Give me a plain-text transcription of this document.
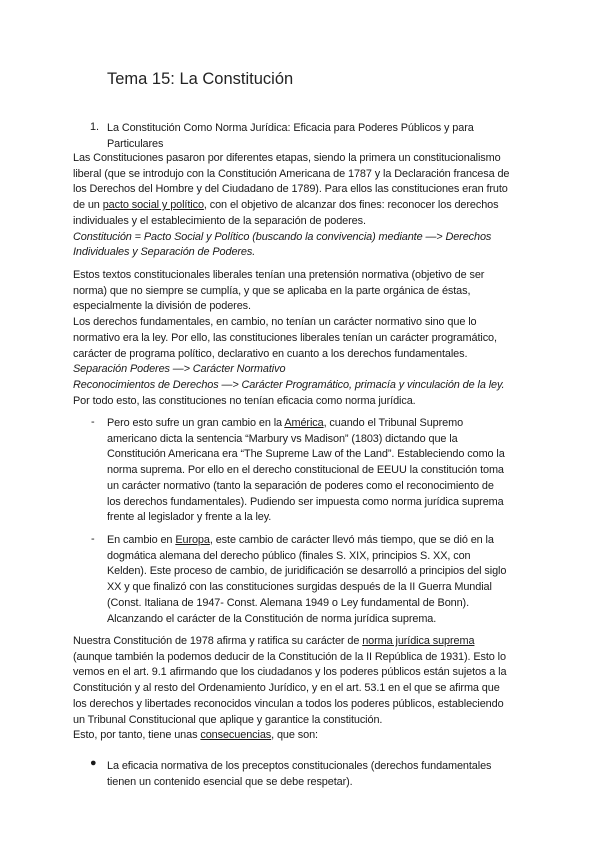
Tema 15: La Constitución
1. La Constitución Como Norma Jurídica: Eficacia para Poderes Públicos y para
Particulares
Las Constituciones pasaron por diferentes etapas, siendo la primera un constitucionalismo
liberal (que se introdujo con la Constitución Americana de 1787 y la Declaración francesa de
los Derechos del Hombre y del Ciudadano de 1789). Para ellos las constituciones eran fruto
de un pacto social y político, con el objetivo de alcanzar dos fines: reconocer los derechos
individuales y el establecimiento de la separación de poderes.
Constitución = Pacto Social y Político (buscando la convivencia) mediante —> Derechos
Individuales y Separación de Poderes.
Estos textos constitucionales liberales tenían una pretensión normativa (objetivo de ser
norma) que no siempre se cumplía, y que se aplicaba en la parte orgánica de éstas,
especialmente la división de poderes.
Los derechos fundamentales, en cambio, no tenían un carácter normativo sino que lo
normativo era la ley. Por ello, las constituciones liberales tenían un carácter programático,
carácter de programa político, declarativo en cuanto a los derechos fundamentales.
Separación Poderes —> Carácter Normativo
Reconocimientos de Derechos —> Carácter Programático, primacía y vinculación de la ley.
Por todo esto, las constituciones no tenían eficacia como norma jurídica.
- Pero esto sufre un gran cambio en la América, cuando el Tribunal Supremo
americano dicta la sentencia “Marbury vs Madison” (1803) dictando que la
Constitución Americana era “The Supreme Law of the Land”. Estableciendo como la
norma suprema. Por ello en el derecho constitucional de EEUU la constitución toma
un carácter normativo (tanto la separación de poderes como el reconocimiento de
los derechos fundamentales). Pudiendo ser impuesta como norma jurídica suprema
frente al legislador y frente a la ley.
- En cambio en Europa, este cambio de carácter llevó más tiempo, que se dió en la
dogmática alemana del derecho público (finales S. XIX, principios S. XX, con
Kelden). Este proceso de cambio, de juridificación se desarrolló a principios del siglo
XX y que finalizó con las constituciones surgidas después de la II Guerra Mundial
(Const. Italiana de 1947- Const. Alemana 1949 o Ley fundamental de Bonn).
Alcanzando el carácter de la Constitución de norma jurídica suprema.
Nuestra Constitución de 1978 afirma y ratifica su carácter de norma jurídica suprema
(aunque también la podemos deducir de la Constitución de la II República de 1931). Esto lo
vemos en el art. 9.1 afirmando que los ciudadanos y los poderes públicos están sujetos a la
Constitución y al resto del Ordenamiento Jurídico, y en el art. 53.1 en el que se afirma que
los derechos y libertades reconocidos vinculan a todos los poderes públicos, estableciendo
un Tribunal Constitucional que aplique y garantice la constitución.
Esto, por tanto, tiene unas consecuencias, que son:
● La eficacia normativa de los preceptos constitucionales (derechos fundamentales
tienen un contenido esencial que se debe respetar).
